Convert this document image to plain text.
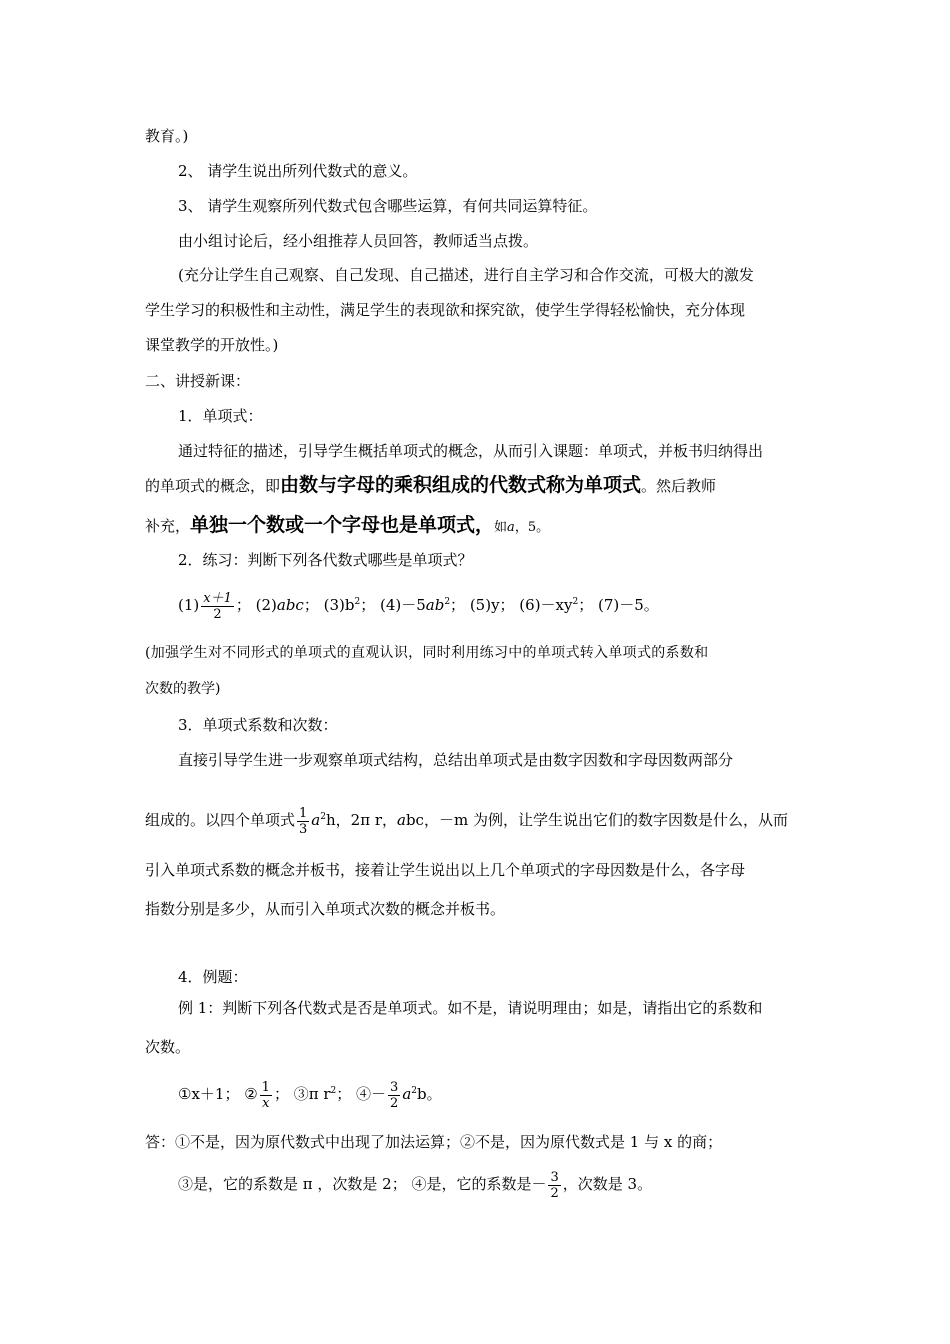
教育。)
2、 请学生说出所列代数式的意义。
3、 请学生观察所列代数式包含哪些运算，有何共同运算特征。
由小组讨论后，经小组推荐人员回答，教师适当点拨。
(充分让学生自己观察、自己发现、自己描述，进行自主学习和合作交流，可极大的激发
学生学习的积极性和主动性，满足学生的表现欲和探究欲，使学生学得轻松愉快，充分体现
课堂教学的开放性。)
二、讲授新课：
1．单项式：
通过特征的描述，引导学生概括单项式的概念，从而引入课题：单项式，并板书归纳得出
的单项式的概念，即由数与字母的乘积组成的代数式称为单项式。然后教师
补充，单独一个数或一个字母也是单项式，如a，5。
2．练习：判断下列各代数式哪些是单项式？
$(1) \frac{x+1}{2}$ ； (2)abc； $(3)b^2$； $(4)-5ab^2$； (5)y； $(6)-xy^2$； (7)－5。
(加强学生对不同形式的单项式的直观认识，同时利用练习中的单项式转入单项式的系数和
次数的教学)
3．单项式系数和次数：
直接引导学生进一步观察单项式结构，总结出单项式是由数字因数和字母因数两部分
组成的。以四个单项式 $\frac{1}{3} a^2h$，2π r，abc，－m 为例，让学生说出它们的数字因数是什么，从而
引入单项式系数的概念并板书，接着让学生说出以上几个单项式的字母因数是什么，各字母
指数分别是多少，从而引入单项式次数的概念并板书。
4．例题：
例 1：判断下列各代数式是否是单项式。如不是，请说明理由；如是，请指出它的系数和
次数。
①x＋1； ② $\frac{1}{x}$ ； ③π $r^2$； ④－ $\frac{3}{2} a^2b$。
答：①不是，因为原代数式中出现了加法运算；②不是，因为原代数式是 1 与 x 的商；
③是，它的系数是 π ，次数是 2； ④是，它的系数是－ $\frac{3}{2}$ ，次数是 3。
